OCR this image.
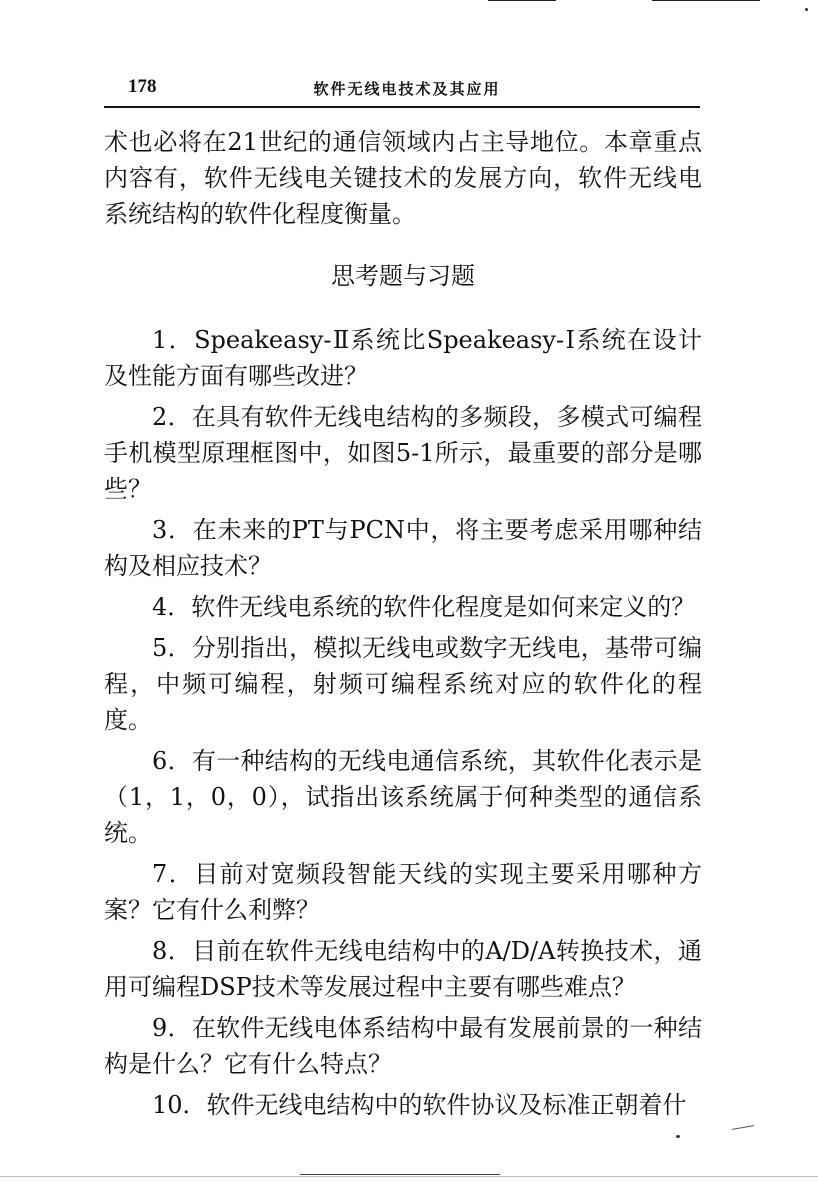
178	软件无线电技术及其应用

术也必将在21世纪的通信领域内占主导地位。本章重点内容有，软件无线电关键技术的发展方向，软件无线电系统结构的软件化程度衡量。

思考题与习题
1．Speakeasy-Ⅱ系统比Speakeasy-Ⅰ系统在设计及性能方面有哪些改进？
2．在具有软件无线电结构的多频段，多模式可编程手机模型原理框图中，如图5-1所示，最重要的部分是哪些？
3．在未来的PT与PCN中，将主要考虑采用哪种结构及相应技术？
4．软件无线电系统的软件化程度是如何来定义的？
5．分别指出，模拟无线电或数字无线电，基带可编程，中频可编程，射频可编程系统对应的软件化的程度。
6．有一种结构的无线电通信系统，其软件化表示是（1，1，0，0），试指出该系统属于何种类型的通信系统。
7．目前对宽频段智能天线的实现主要采用哪种方案？它有什么利弊？
8．目前在软件无线电结构中的A/D/A转换技术，通用可编程DSP技术等发展过程中主要有哪些难点？
9．在软件无线电体系结构中最有发展前景的一种结构是什么？它有什么特点？
10．软件无线电结构中的软件协议及标准正朝着什
